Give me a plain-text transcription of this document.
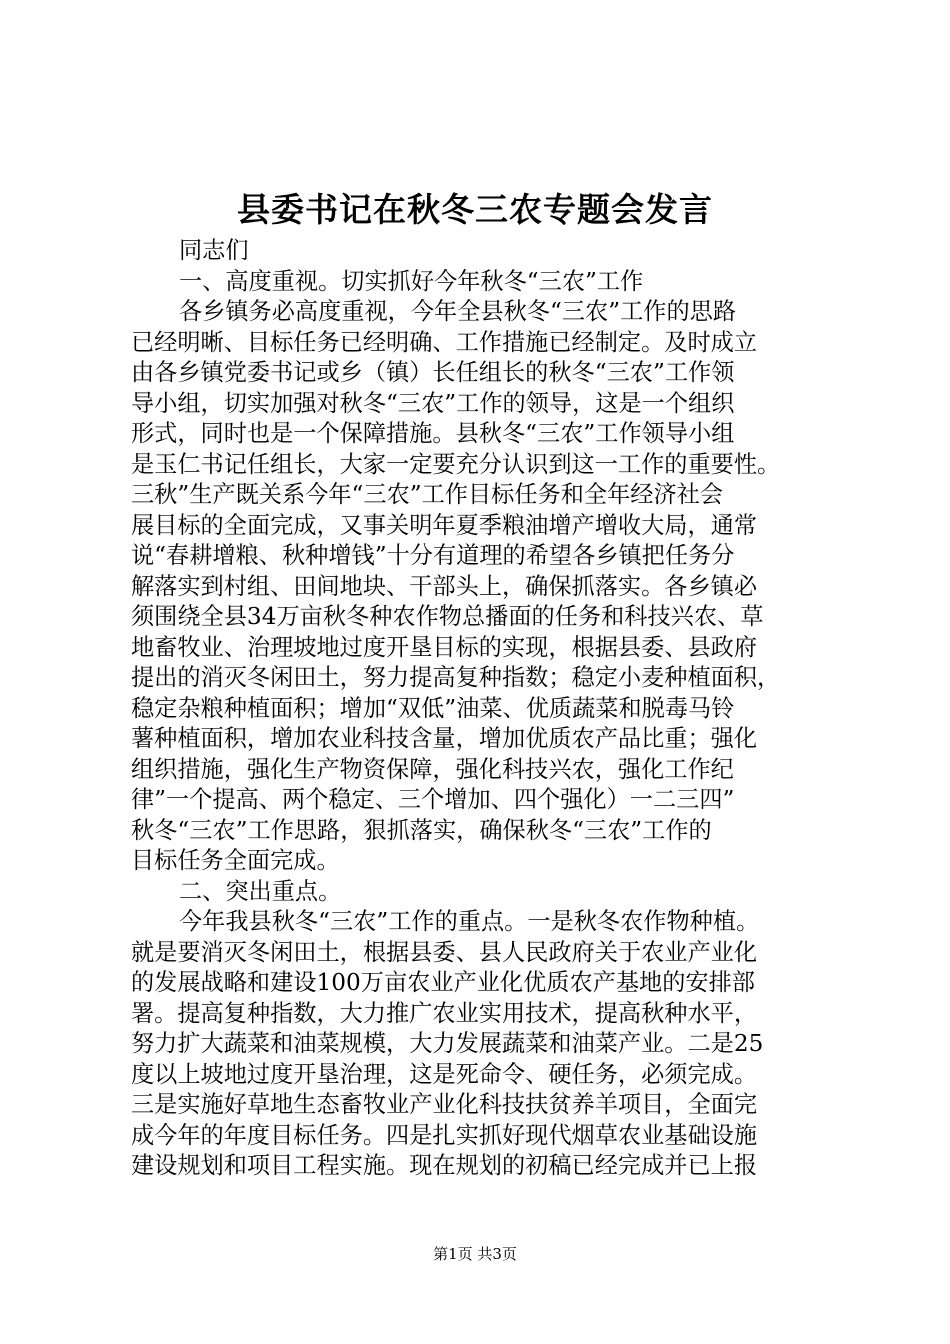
县委书记在秋冬三农专题会发言
同志们
一、高度重视。切实抓好今年秋冬“三农”工作
各乡镇务必高度重视，今年全县秋冬“三农”工作的思路
已经明晰、目标任务已经明确、工作措施已经制定。及时成立
由各乡镇党委书记或乡（镇）长任组长的秋冬“三农”工作领
导小组，切实加强对秋冬“三农”工作的领导，这是一个组织
形式，同时也是一个保障措施。县秋冬“三农”工作领导小组
是玉仁书记任组长，大家一定要充分认识到这一工作的重要性。
三秋”生产既关系今年“三农”工作目标任务和全年经济社会
展目标的全面完成，又事关明年夏季粮油增产增收大局，通常
说“春耕增粮、秋种增钱”十分有道理的希望各乡镇把任务分
解落实到村组、田间地块、干部头上，确保抓落实。各乡镇必
须围绕全县34万亩秋冬种农作物总播面的任务和科技兴农、草
地畜牧业、治理坡地过度开垦目标的实现，根据县委、县政府
提出的消灭冬闲田土，努力提高复种指数；稳定小麦种植面积，
稳定杂粮种植面积；增加“双低”油菜、优质蔬菜和脱毒马铃
薯种植面积，增加农业科技含量，增加优质农产品比重；强化
组织措施，强化生产物资保障，强化科技兴农，强化工作纪
律”一个提高、两个稳定、三个增加、四个强化）一二三四”
秋冬“三农”工作思路，狠抓落实，确保秋冬“三农”工作的
目标任务全面完成。
二、突出重点。
今年我县秋冬“三农”工作的重点。一是秋冬农作物种植。
就是要消灭冬闲田土，根据县委、县人民政府关于农业产业化
的发展战略和建设100万亩农业产业化优质农产基地的安排部
署。提高复种指数，大力推广农业实用技术，提高秋种水平，
努力扩大蔬菜和油菜规模，大力发展蔬菜和油菜产业。二是25
度以上坡地过度开垦治理，这是死命令、硬任务，必须完成。
三是实施好草地生态畜牧业产业化科技扶贫养羊项目，全面完
成今年的年度目标任务。四是扎实抓好现代烟草农业基础设施
建设规划和项目工程实施。现在规划的初稿已经完成并已上报
第1页 共3页
